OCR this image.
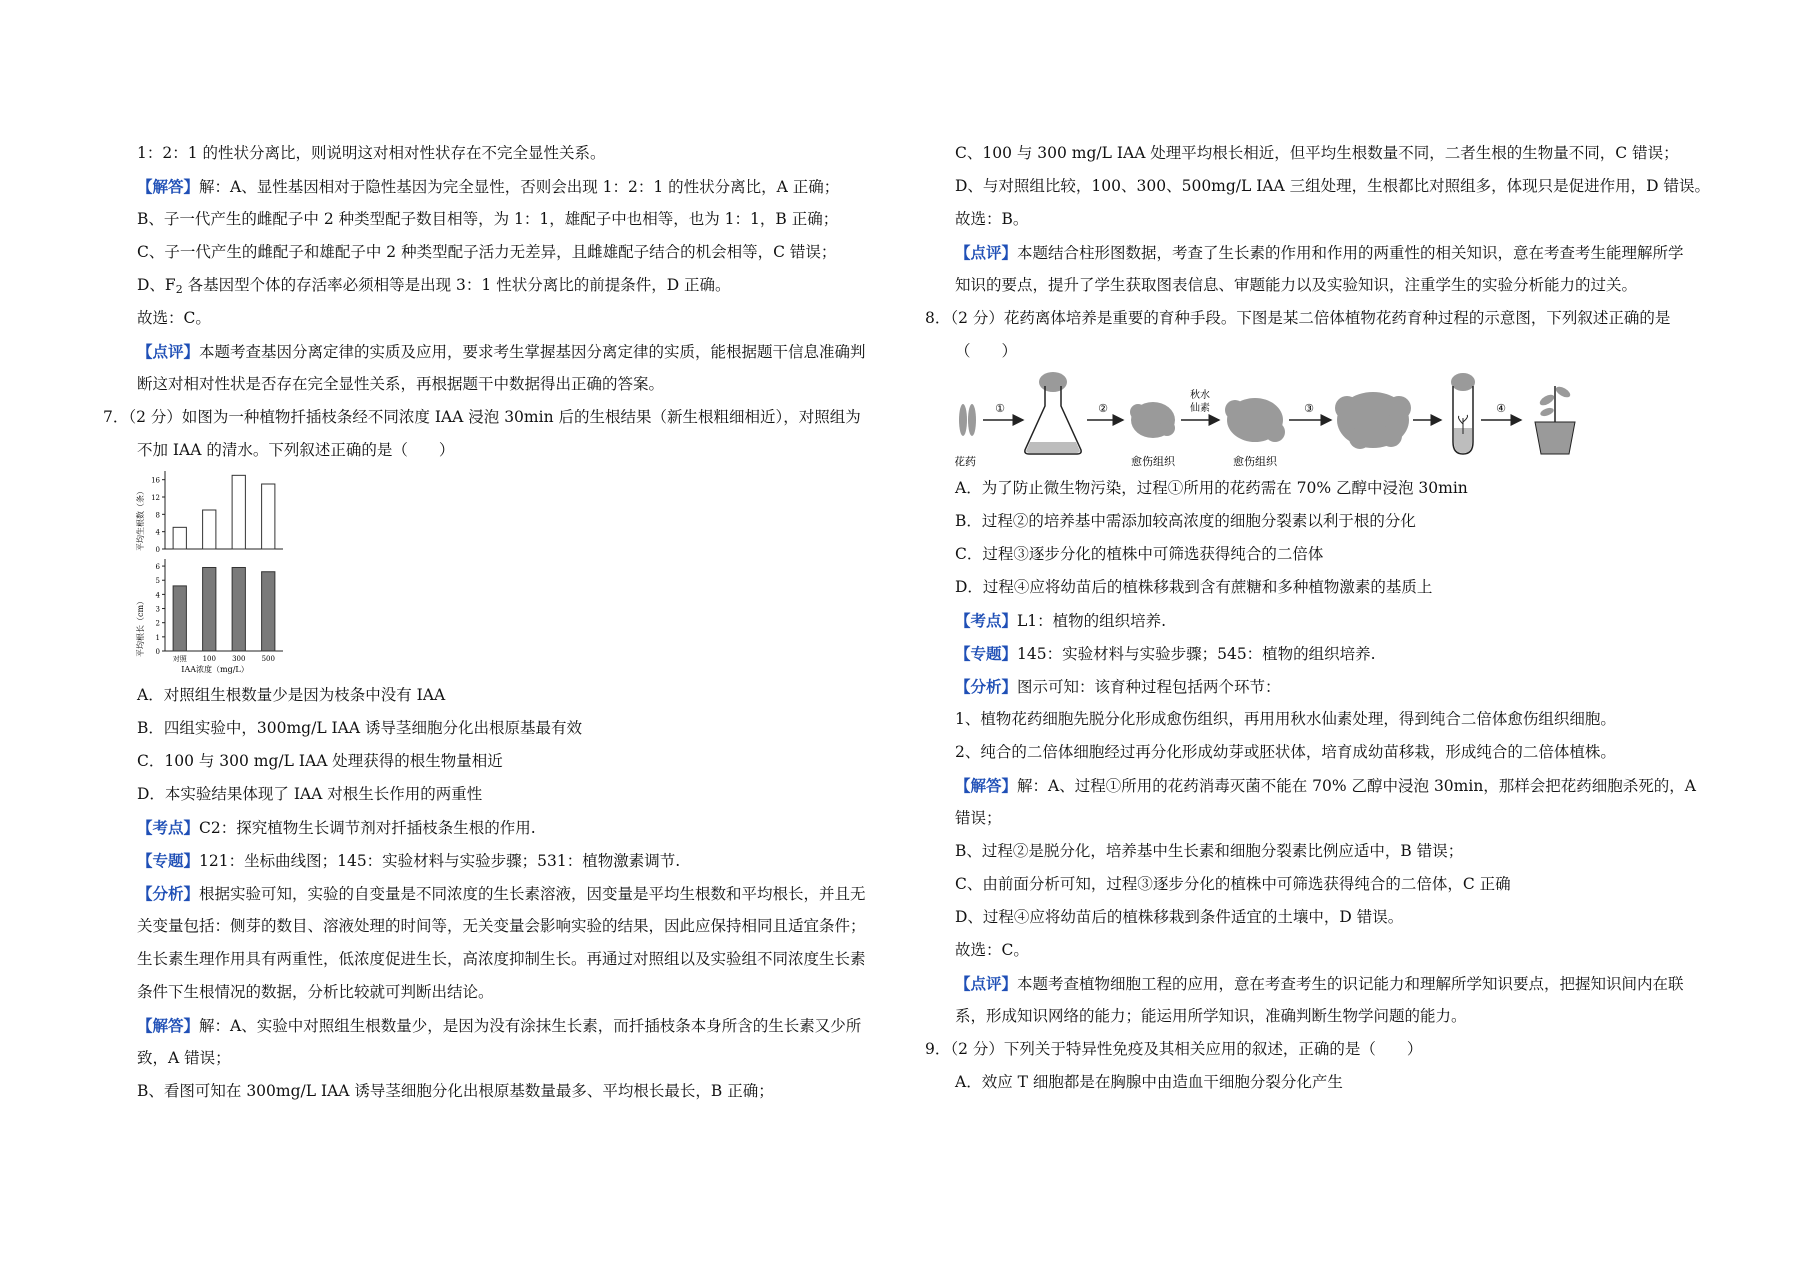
1：2：1 的性状分离比，则说明这对相对性状存在不完全显性关系。
【解答】解：A、显性基因相对于隐性基因为完全显性，否则会出现 1：2：1 的性状分离比，A 正确；
B、子一代产生的雌配子中 2 种类型配子数目相等，为 1：1，雄配子中也相等，也为 1：1，B 正确；
C、子一代产生的雌配子和雄配子中 2 种类型配子活力无差异，且雌雄配子结合的机会相等，C 错误；
D、$F_2$ 各基因型个体的存活率必须相等是出现 3：1 性状分离比的前提条件，D 正确。
故选：C。
【点评】本题考查基因分离定律的实质及应用，要求考生掌握基因分离定律的实质，能根据题干信息准确判
断这对相对性状是否存在完全显性关系，再根据题干中数据得出正确的答案。
7．（2 分）如图为一种植物扦插枝条经不同浓度 IAA 浸泡 30min 后的生根结果（新生根粗细相近），对照组为
不加 IAA 的清水。下列叙述正确的是（　　）
平均生根数（条）
平均根长（cm）
IAA浓度（mg/L）
16
12
8
4
0
6
5
4
3
2
1
0
对照 100 300 500
A．对照组生根数量少是因为枝条中没有 IAA
B．四组实验中，300mg/L IAA 诱导茎细胞分化出根原基最有效
C．100 与 300 mg/L IAA 处理获得的根生物量相近
D．本实验结果体现了 IAA 对根生长作用的两重性
【考点】C2：探究植物生长调节剂对扦插枝条生根的作用.
【专题】121：坐标曲线图；145：实验材料与实验步骤；531：植物激素调节.
【分析】根据实验可知，实验的自变量是不同浓度的生长素溶液，因变量是平均生根数和平均根长，并且无
关变量包括：侧芽的数目、溶液处理的时间等，无关变量会影响实验的结果，因此应保持相同且适宜条件；
生长素生理作用具有两重性，低浓度促进生长，高浓度抑制生长。再通过对照组以及实验组不同浓度生长素
条件下生根情况的数据，分析比较就可判断出结论。
【解答】解：A、实验中对照组生根数量少，是因为没有涂抹生长素，而扦插枝条本身所含的生长素又少所
致，A 错误；
B、看图可知在 300mg/L IAA 诱导茎细胞分化出根原基数量最多、平均根长最长，B 正确；
C、100 与 300 mg/L IAA 处理平均根长相近，但平均生根数量不同，二者生根的生物量不同，C 错误；
D、与对照组比较，100、300、500mg/L IAA 三组处理，生根都比对照组多，体现只是促进作用，D 错误。
故选：B。
【点评】本题结合柱形图数据，考查了生长素的作用和作用的两重性的相关知识，意在考查考生能理解所学
知识的要点，提升了学生获取图表信息、审题能力以及实验知识，注重学生的实验分析能力的过关。
8．（2 分）花药离体培养是重要的育种手段。下图是某二倍体植物花药育种过程的示意图，下列叙述正确的是
（　　）
花药
①	②
愈伤组织
秋水
仙素
愈伤组织
③	④
A．为了防止微生物污染，过程①所用的花药需在 70% 乙醇中浸泡 30min
B．过程②的培养基中需添加较高浓度的细胞分裂素以利于根的分化
C．过程③逐步分化的植株中可筛选获得纯合的二倍体
D．过程④应将幼苗后的植株移栽到含有蔗糖和多种植物激素的基质上
【考点】L1：植物的组织培养.
【专题】145：实验材料与实验步骤；545：植物的组织培养.
【分析】图示可知：该育种过程包括两个环节：
1、植物花药细胞先脱分化形成愈伤组织，再用用秋水仙素处理，得到纯合二倍体愈伤组织细胞。
2、纯合的二倍体细胞经过再分化形成幼芽或胚状体，培育成幼苗移栽，形成纯合的二倍体植株。
【解答】解：A、过程①所用的花药消毒灭菌不能在 70% 乙醇中浸泡 30min，那样会把花药细胞杀死的，A
错误；
B、过程②是脱分化，培养基中生长素和细胞分裂素比例应适中，B 错误；
C、由前面分析可知，过程③逐步分化的植株中可筛选获得纯合的二倍体，C 正确
D、过程④应将幼苗后的植株移栽到条件适宜的土壤中，D 错误。
故选：C。
【点评】本题考查植物细胞工程的应用，意在考查考生的识记能力和理解所学知识要点，把握知识间内在联
系，形成知识网络的能力；能运用所学知识，准确判断生物学问题的能力。
9．（2 分）下列关于特异性免疫及其相关应用的叙述，正确的是（　　）
A．效应 T 细胞都是在胸腺中由造血干细胞分裂分化产生
